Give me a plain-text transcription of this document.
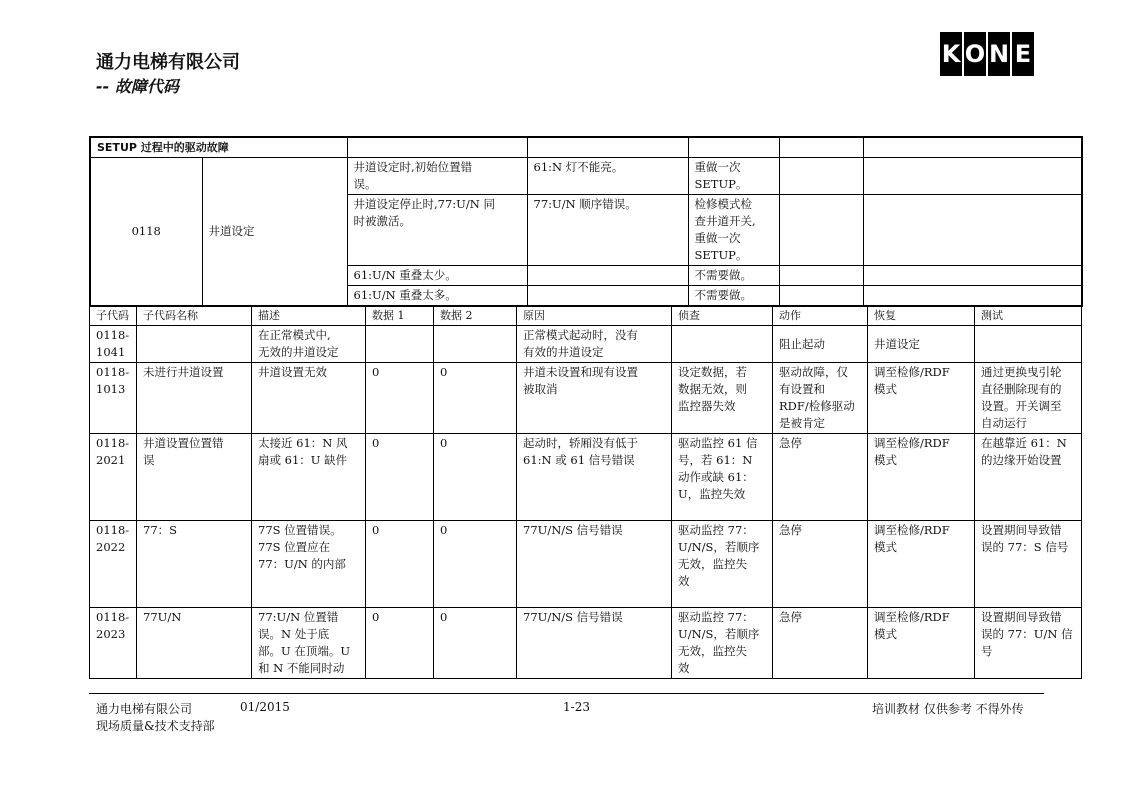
通力电梯有限公司
-- 故障代码
K O N E
SETUP 过程中的驱动故障						
0118	井道设定	井道设定时,初始位置错
误。	61:N 灯不能亮。	重做一次
SETUP。		
		井道设定停止时,77:U/N 同
时被激活。	77:U/N 顺序错误。	检修模式检
查井道开关,
重做一次
SETUP。		
		61:U/N 重叠太少。		不需要做。		
		61:U/N 重叠太多。		不需要做。		
子代码	子代码名称	描述	数据 1	数据 2	原因	侦查	动作	恢复	测试
0118-
1041		在正常模式中,
无效的井道设定			正常模式起动时，没有
有效的井道设定		阻止起动	井道设定	
0118-
1013	未进行井道设置	井道设置无效	0	0	井道未设置和现有设置
被取消	设定数据，若
数据无效，则
监控器失效	驱动故障，仅
有设置和
RDF/检修驱动
是被肯定	调至检修/RDF
模式	通过更换曳引轮
直径删除现有的
设置。开关调至
自动运行
0118-
2021	井道设置位置错
误	太接近 61：N 风
扇或 61：U 缺件	0	0	起动时，轿厢没有低于
61:N 或 61 信号错误	驱动监控 61 信
号，若 61：N
动作或缺 61：
U，监控失效	急停	调至检修/RDF
模式	在越靠近 61：N
的边缘开始设置
0118-
2022	77：S	77S 位置错误。
77S 位置应在
77：U/N 的内部	0	0	77U/N/S 信号错误	驱动监控 77：
U/N/S，若顺序
无效，监控失
效	急停	调至检修/RDF
模式	设置期间导致错
误的 77：S 信号
0118-
2023	77U/N	77:U/N 位置错
误。N 处于底
部。U 在顶端。U
和 N 不能同时动	0	0	77U/N/S 信号错误	驱动监控 77：
U/N/S，若顺序
无效，监控失
效	急停	调至检修/RDF
模式	设置期间导致错
误的 77：U/N 信
号
通力电梯有限公司	01/2015
现场质量&技术支持部
1-23	培训教材 仅供参考 不得外传
